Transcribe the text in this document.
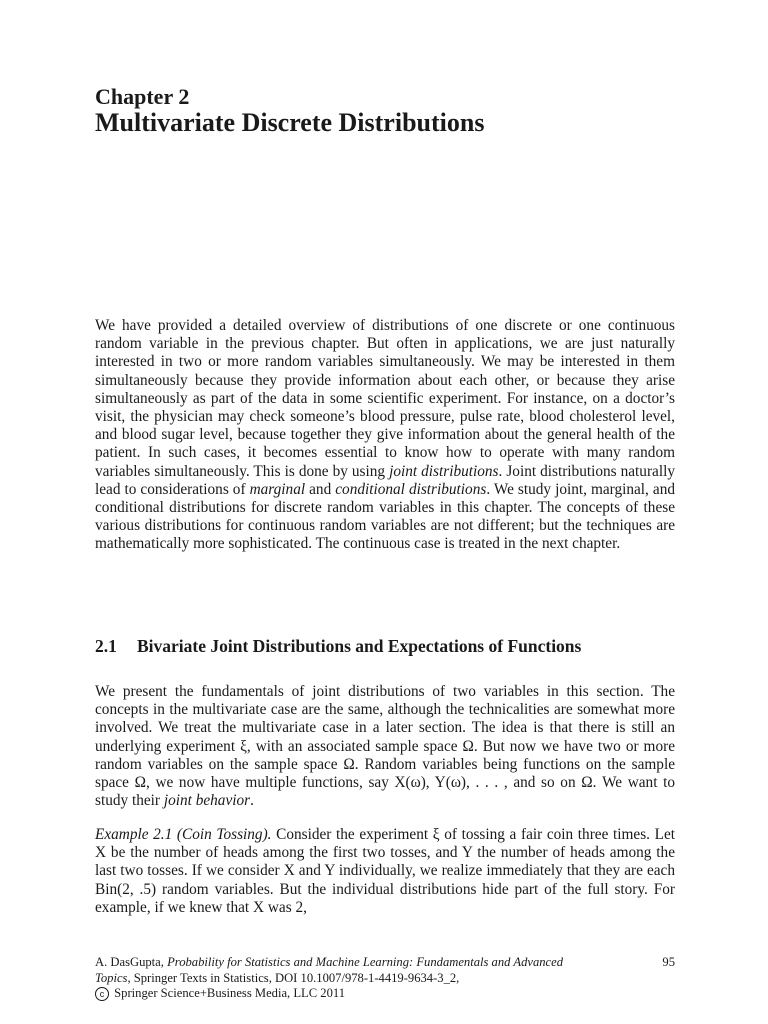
Chapter 2
Multivariate Discrete Distributions

We have provided a detailed overview of distributions of one discrete or one continuous random variable in the previous chapter. But often in applications, we are just naturally interested in two or more random variables simultaneously. We may be interested in them simultaneously because they provide information about each other, or because they arise simultaneously as part of the data in some scientific experiment. For instance, on a doctor’s visit, the physician may check someone’s blood pressure, pulse rate, blood cholesterol level, and blood sugar level, because together they give information about the general health of the patient. In such cases, it becomes essential to know how to operate with many random variables simultaneously. This is done by using joint distributions. Joint distributions naturally lead to considerations of marginal and conditional distributions. We study joint, marginal, and conditional distributions for discrete random variables in this chapter. The concepts of these various distributions for continuous random variables are not different; but the techniques are mathematically more sophisticated. The continuous case is treated in the next chapter.

2.1 Bivariate Joint Distributions and Expectations of Functions

We present the fundamentals of joint distributions of two variables in this section. The concepts in the multivariate case are the same, although the technicalities are somewhat more involved. We treat the multivariate case in a later section. The idea is that there is still an underlying experiment ξ, with an associated sample space Ω. But now we have two or more random variables on the sample space Ω. Random variables being functions on the sample space Ω, we now have multiple functions, say X(ω), Y(ω), . . . , and so on Ω. We want to study their joint behavior.

Example 2.1 (Coin Tossing). Consider the experiment ξ of tossing a fair coin three times. Let X be the number of heads among the first two tosses, and Y the number of heads among the last two tosses. If we consider X and Y individually, we realize immediately that they are each Bin(2, .5) random variables. But the individual distributions hide part of the full story. For example, if we knew that X was 2,

95
A. DasGupta, Probability for Statistics and Machine Learning: Fundamentals and Advanced Topics, Springer Texts in Statistics, DOI 10.1007/978-1-4419-9634-3_2,
c Springer Science+Business Media, LLC 2011
